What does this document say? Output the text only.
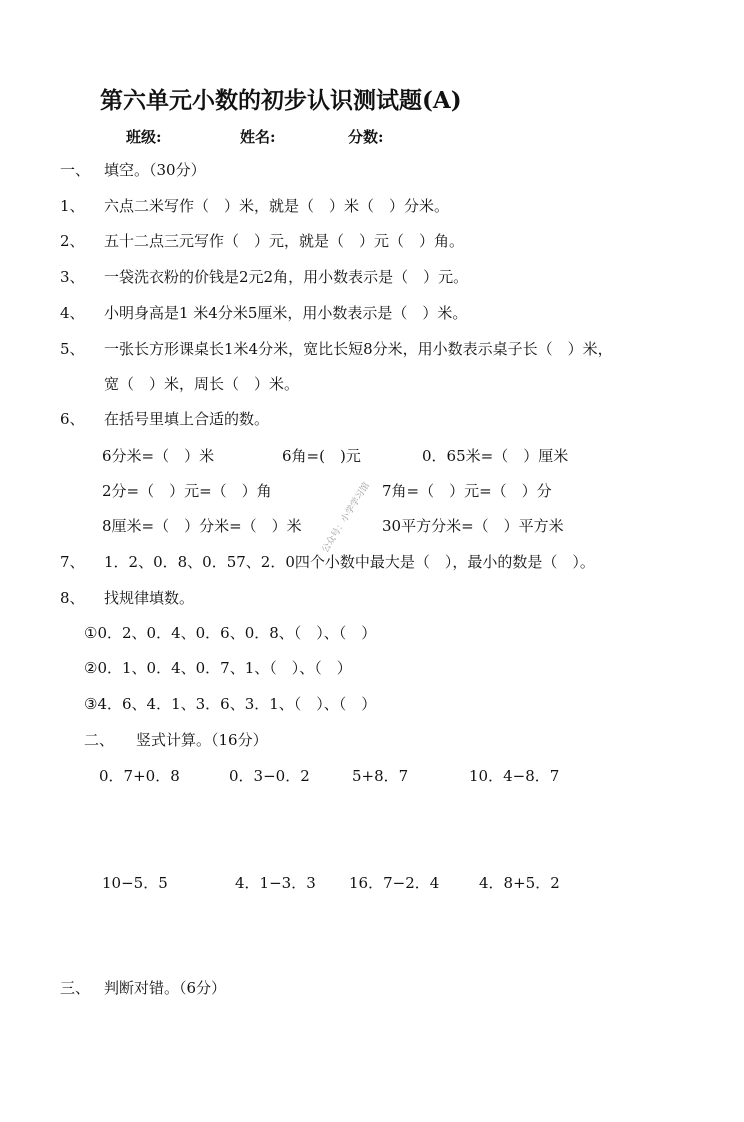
第六单元小数的初步认识测试题(A)
班级:	姓名:	分数:
一、 填空。（30分）
1、 六点二米写作（　）米，就是（　）米（　）分米。
2、 五十二点三元写作（　）元，就是（　）元（　）角。
3、 一袋洗衣粉的价钱是2元2角，用小数表示是（　）元。
4、 小明身高是1 米4分米5厘米，用小数表示是（　）米。
5、 一张长方形课桌长1米4分米，宽比长短8分米，用小数表示桌子长（　）米，
宽（　）米，周长（　）米。
6、 在括号里填上合适的数。
6分米=（　）米	6角=(　)元	0．65米=（　）厘米
2分=（　）元=（　）角	7角=（　）元=（　）分
8厘米=（　）分米=（　）米	30平方分米=（　）平方米
7、 1．2、0．8、0．57、2．0四个小数中最大是（　），最小的数是（　）。
8、 找规律填数。
①0．2、0．4、0．6、0．8、（　）、（　）
②0．1、0．4、0．7、1、（　）、（　）
③4．6、4．1、3．6、3．1、（　）、（　）
二、 竖式计算。（16分）
0．7+0．8	0．3−0．2	5+8．7	10．4−8．7
10−5．5	4．1−3．3 16．7−2．4	4．8+5．2
三、 判断对错。（6分）
公众号：小学学习馆
